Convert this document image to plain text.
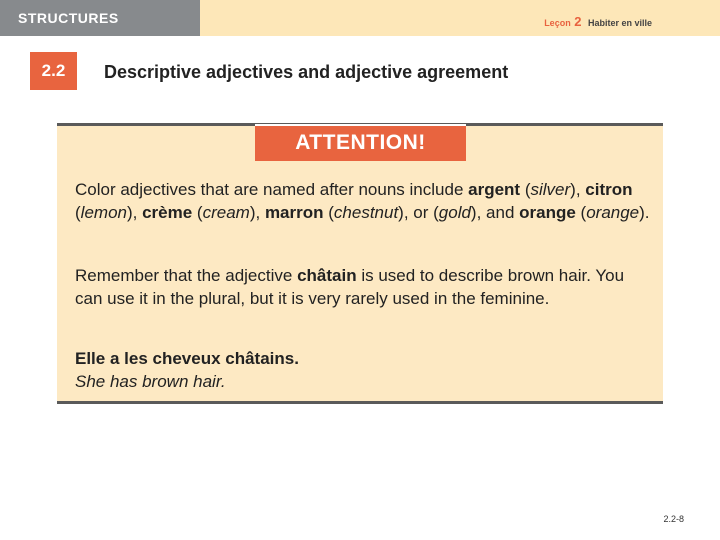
STRUCTURES	Leçon 2 Habiter en ville
2.2	Descriptive adjectives and adjective agreement
ATTENTION!
Color adjectives that are named after nouns include argent (silver), citron (lemon), crème (cream), marron (chestnut), or (gold), and orange (orange).
Remember that the adjective châtain is used to describe brown hair. You can use it in the plural, but it is very rarely used in the feminine.
Elle a les cheveux châtains.
She has brown hair.
2.2-8
